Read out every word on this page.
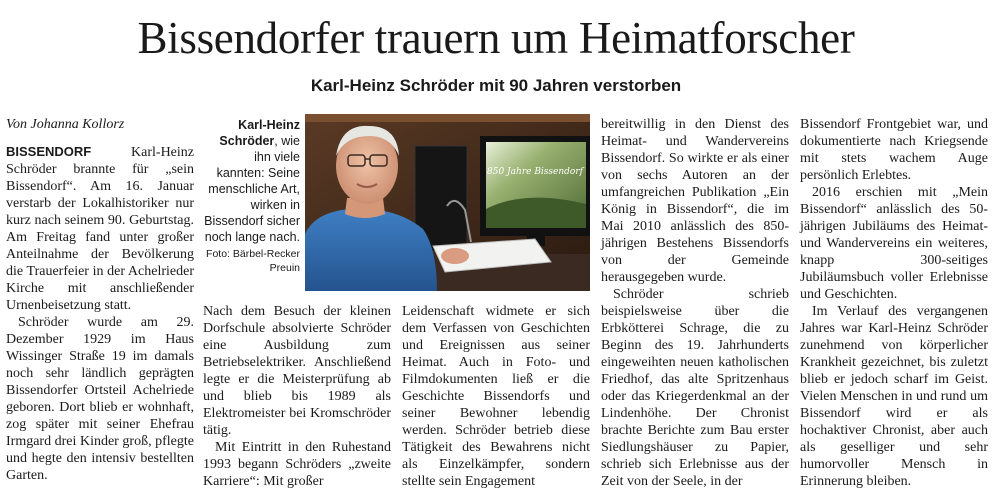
Bissendorfer trauern um Heimatforscher
Karl-Heinz Schröder mit 90 Jahren verstorben

Von Johanna Kollorz

BISSENDORF	Karl-Heinz Schröder brannte für „sein Bissendorf“. Am 16. Januar verstarb der Lokalhistoriker nur kurz nach seinem 90. Geburtstag. Am Freitag fand unter großer Anteilnahme der Bevölkerung die Trauerfeier in der Achelrieder Kirche mit anschließender Urnenbeisetzung statt.

Schröder wurde am 29. Dezember 1929 im Haus Wissinger Straße 19 im damals noch sehr ländlich geprägten Bissendorfer Ortsteil Achelriede geboren. Dort blieb er wohnhaft, zog später mit seiner Ehefrau Irmgard drei Kinder groß, pflegte und hegte den intensiv bestellten Garten.

Karl-Heinz Schröder, wie ihn viele kannten: Seine menschliche Art, wirken in Bissendorf sicher noch lange nach.
Foto: Bärbel-Recker Preuin
850 Jahre Bissendorf

Nach dem Besuch der kleinen Dorfschule absolvierte Schröder eine Ausbildung zum Betriebselektriker. Anschließend legte er die Meisterprüfung ab und blieb bis 1989 als Elektromeister bei Kromschröder tätig.

Mit Eintritt in den Ruhestand 1993 begann Schröders „zweite Karriere“: Mit großer

Leidenschaft widmete er sich dem Verfassen von Geschichten und Ereignissen aus seiner Heimat. Auch in Foto- und Filmdokumenten ließ er die Geschichte Bissendorfs und seiner Bewohner lebendig werden. Schröder betrieb diese Tätigkeit des Bewahrens nicht als Einzelkämpfer, sondern stellte sein Engagement

bereitwillig in den Dienst des Heimat- und Wandervereins Bissendorf. So wirkte er als einer von sechs Autoren an der umfangreichen Publikation „Ein König in Bissendorf“, die im Mai 2010 anlässlich des 850-jährigen Bestehens Bissendorfs von der Gemeinde herausgegeben wurde.

Schröder schrieb beispielsweise über die Erbkötterei Schrage, die zu Beginn des 19. Jahrhunderts eingeweihten neuen katholischen Friedhof, das alte Spritzenhaus oder das Kriegerdenkmal an der Lindenhöhe. Der Chronist brachte Berichte zum Bau erster Siedlungshäuser zu Papier, schrieb sich Erlebnisse aus der Zeit von der Seele, in der

Bissendorf Frontgebiet war, und dokumentierte nach Kriegsende mit stets wachem Auge persönlich Erlebtes.

2016 erschien mit „Mein Bissendorf“ anlässlich des 50-jährigen Jubiläums des Heimat- und Wandervereins ein weiteres, knapp 300-seitiges Jubiläumsbuch voller Erlebnisse und Geschichten.

Im Verlauf des vergangenen Jahres war Karl-Heinz Schröder zunehmend von körperlicher Krankheit gezeichnet, bis zuletzt blieb er jedoch scharf im Geist. Vielen Menschen in und rund um Bissendorf wird er als hochaktiver Chronist, aber auch als geselliger und sehr humorvoller Mensch in Erinnerung bleiben.
